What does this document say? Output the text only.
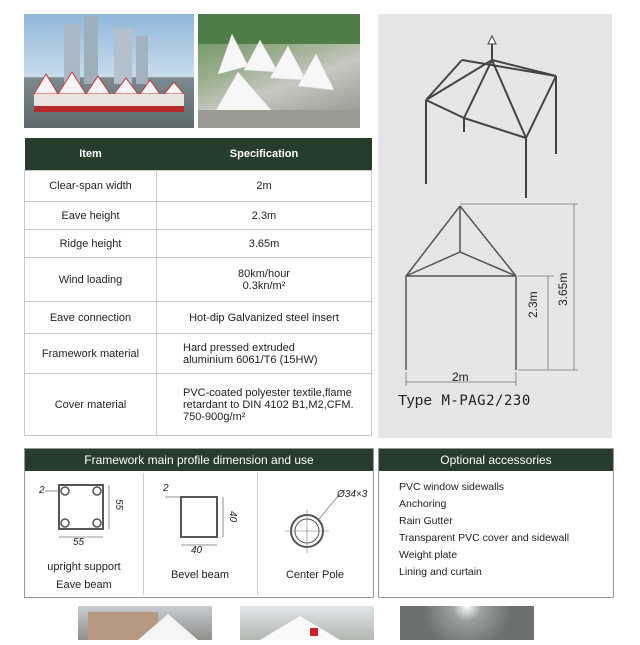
Item	Specification
Clear-span width	2m
Eave height	2.3m
Ridge height	3.65m
Wind loading	80km/hour
0.3kn/m²

Eave connection	Hot-dip Galvanized steel insert
Framework material	Hard pressed extruded
aluminium 6061/T6 (15HW)

Cover material	PVC-coated polyester textile,flame
retardant to DIN 4102 B1,M2,CFM.
750-900g/m²
2m
2.3m 3.65m
Type M-PAG2/230
Framework main profile dimension and use
2
55
55
upright support
Eave beam
2
40
40
Bevel beam
Ø34×3
Center Pole
Optional accessories
PVC window sidewalls
Anchoring
Rain Gutter
Transparent PVC cover and sidewall
Weight plate
Lining and curtain
